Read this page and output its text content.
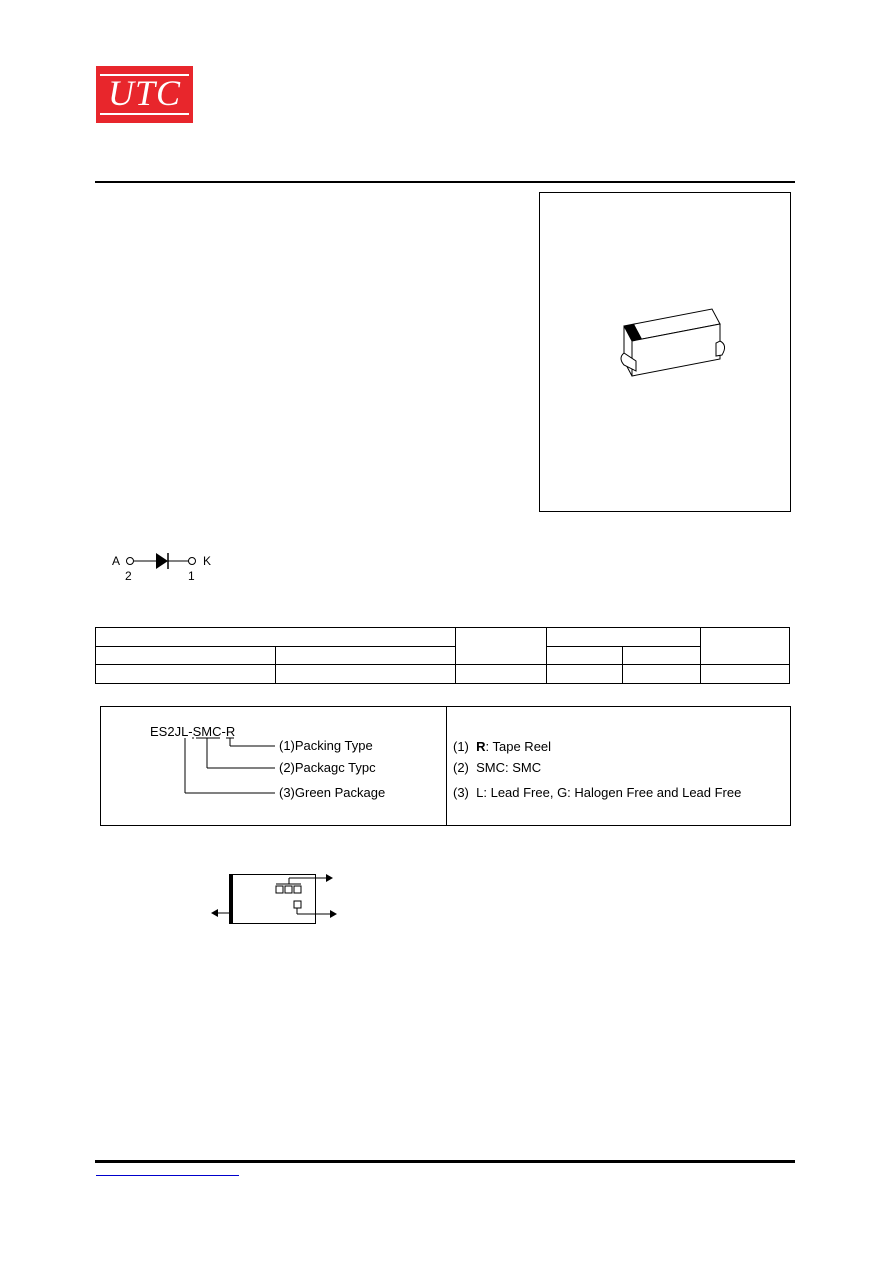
UTC
A	K
2	1

ES2JL-SMC-R
(1)Packing Type
(2)Packagc Typc
(3)Green Package
(1) R: Tape Reel
(2) SMC: SMC
(3) L: Lead Free, G: Halogen Free and Lead Free
